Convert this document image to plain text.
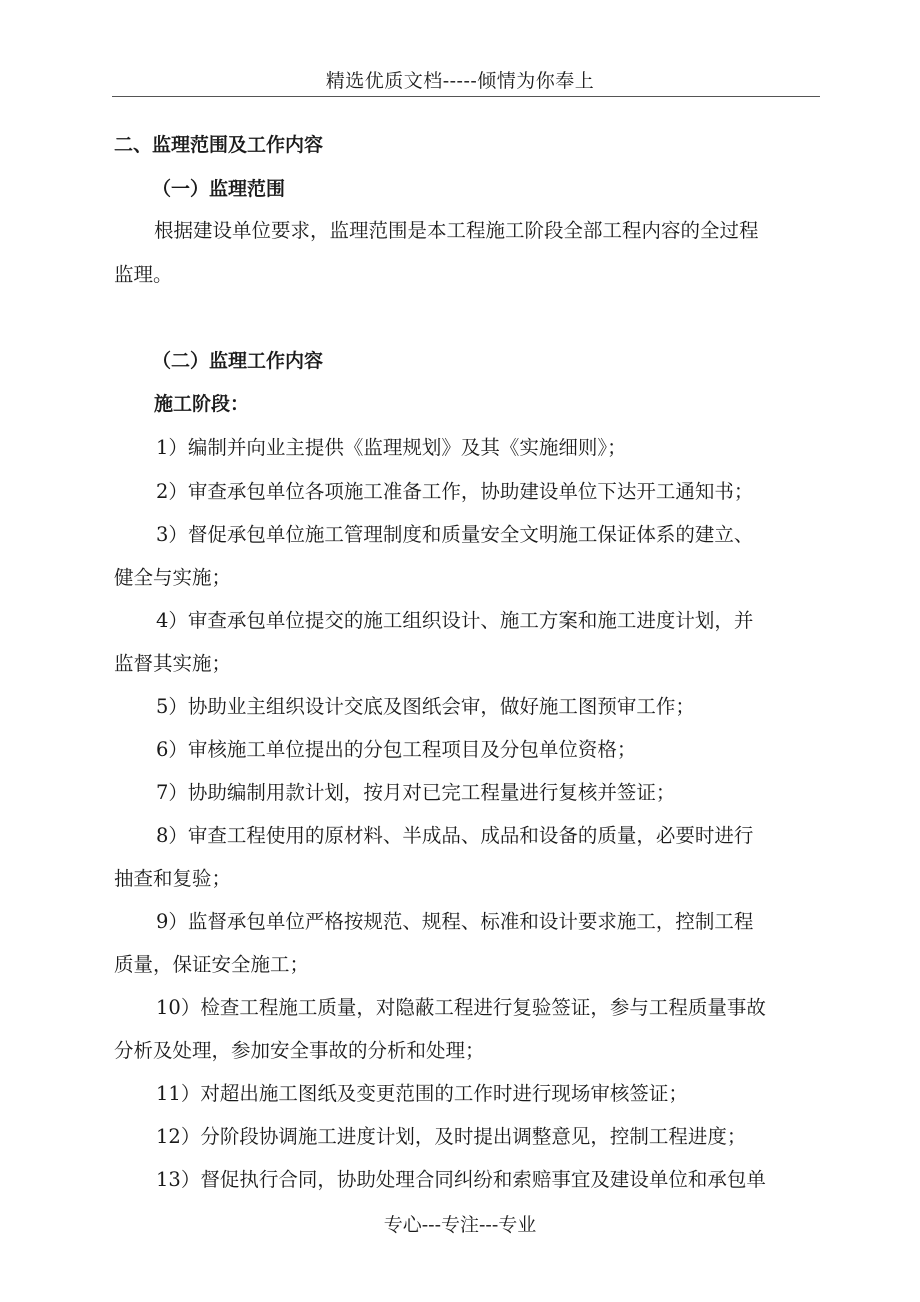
精选优质文档-----倾情为你奉上
二、监理范围及工作内容
（一）监理范围
根据建设单位要求，监理范围是本工程施工阶段全部工程内容的全过程
监理。
（二）监理工作内容
施工阶段：
1）编制并向业主提供《监理规划》及其《实施细则》；
2）审查承包单位各项施工准备工作，协助建设单位下达开工通知书；
3）督促承包单位施工管理制度和质量安全文明施工保证体系的建立、
健全与实施；
4）审查承包单位提交的施工组织设计、施工方案和施工进度计划，并
监督其实施；
5）协助业主组织设计交底及图纸会审，做好施工图预审工作；
6）审核施工单位提出的分包工程项目及分包单位资格；
7）协助编制用款计划，按月对已完工程量进行复核并签证；
8）审查工程使用的原材料、半成品、成品和设备的质量，必要时进行
抽查和复验；
9）监督承包单位严格按规范、规程、标准和设计要求施工，控制工程
质量，保证安全施工；
10）检查工程施工质量，对隐蔽工程进行复验签证，参与工程质量事故
分析及处理，参加安全事故的分析和处理；
11）对超出施工图纸及变更范围的工作时进行现场审核签证；
12）分阶段协调施工进度计划，及时提出调整意见，控制工程进度；
13）督促执行合同，协助处理合同纠纷和索赔事宜及建设单位和承包单
专心---专注---专业
